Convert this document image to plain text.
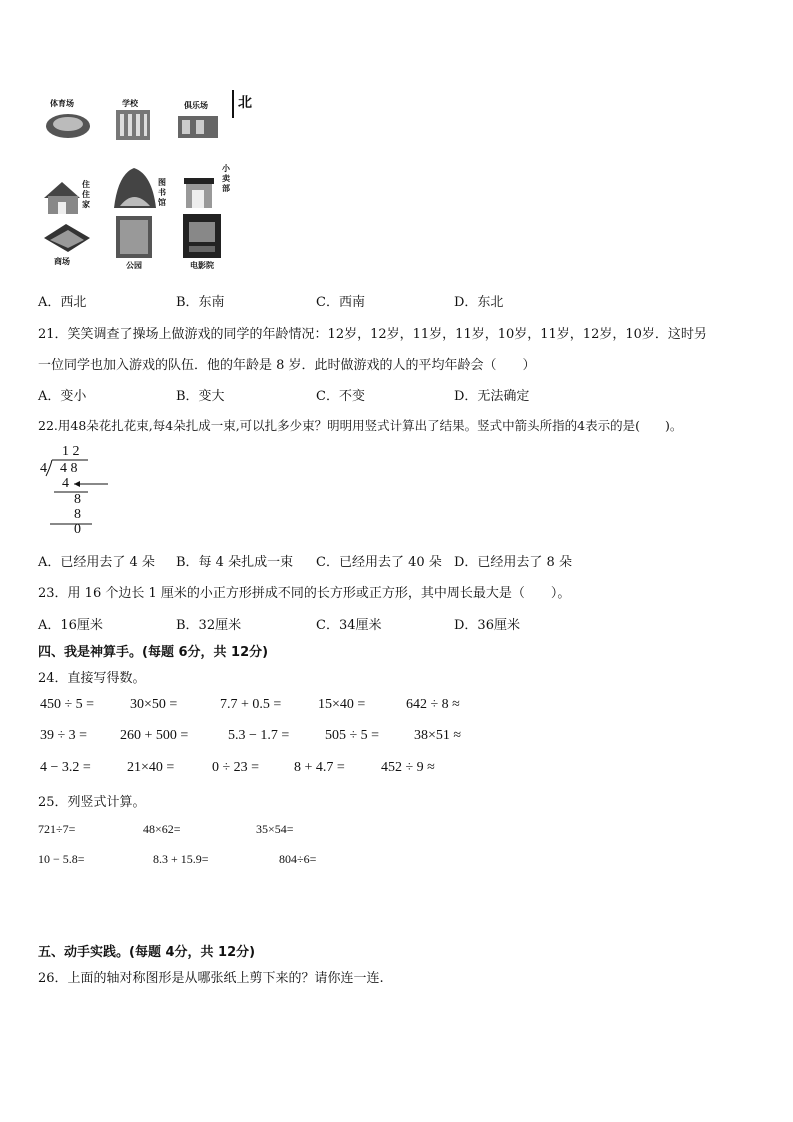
体育场	学校	俱乐场 北
住住家
图书馆
小卖部
商场	公园	电影院
A．西北	B．东南	C．西南	D．东北
21．笑笑调查了操场上做游戏的同学的年龄情况：12岁，12岁，11岁，11岁，10岁，11岁，12岁，10岁．这时另
一位同学也加入游戏的队伍．他的年龄是 8 岁．此时做游戏的人的平均年龄会（　　）
A．变小	B．变大	C．不变	D．无法确定
22.用48朵花扎花束,每4朵扎成一束,可以扎多少束？明明用竖式计算出了结果。竖式中箭头所指的4表示的是(　　)。
1 2
4 4 8
4
8
8
0
A．已经用去了 4 朵 B．每 4 朵扎成一束 C．已经用去了 40 朵 D．已经用去了 8 朵
23．用 16 个边长 1 厘米的小正方形拼成不同的长方形或正方形，其中周长最大是（　　）。
A．16厘米	B．32厘米	C．34厘米	D．36厘米
四、我是神算手。(每题 6分，共 12分)
24．直接写得数。
450 ÷ 5 =	30×50 =	7.7 + 0.5 =	15×40 =	642 ÷ 8 ≈
39 ÷ 3 = 260 + 500 =	5.3 − 1.7 =	505 ÷ 5 = 38×51 ≈
4 − 3.2 =	21×40 =	0 ÷ 23 = 8 + 4.7 =	452 ÷ 9 ≈
25．列竖式计算。
721÷7=	48×62=	35×54=
10 − 5.8=	8.3 + 15.9=	804÷6=
五、动手实践。(每题 4分，共 12分)
26．上面的轴对称图形是从哪张纸上剪下来的？请你连一连.
